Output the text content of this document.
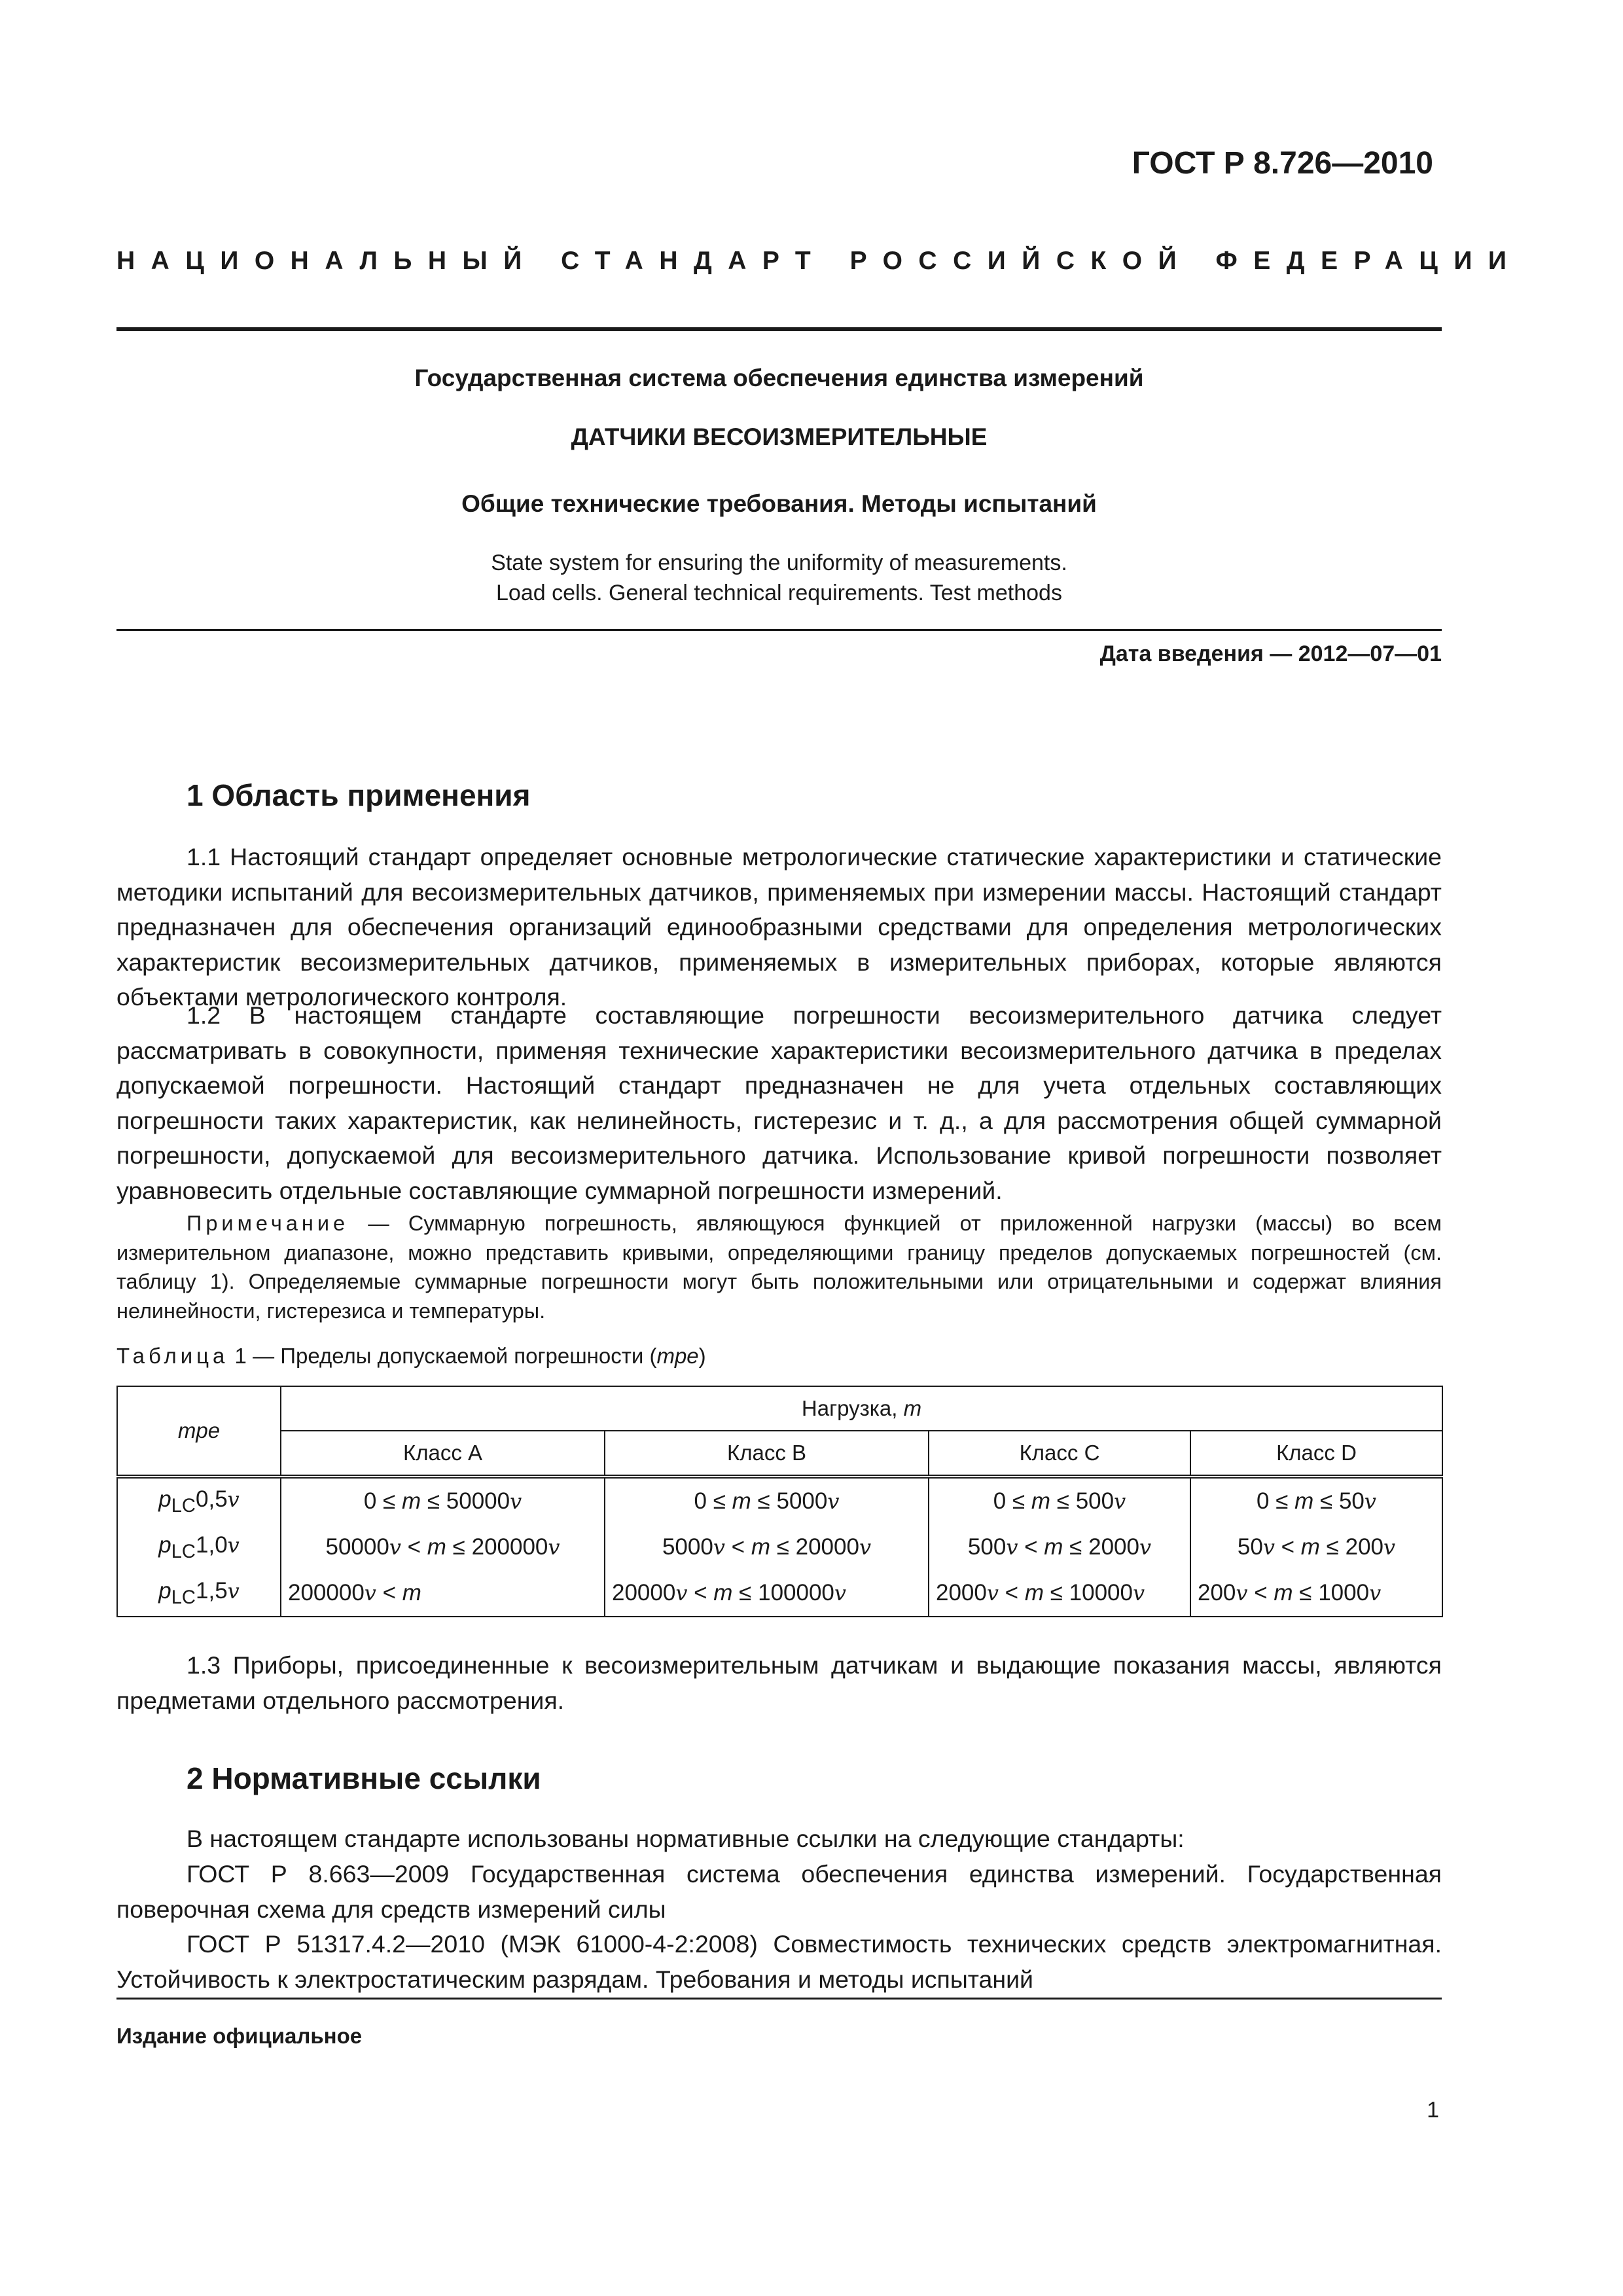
ГОСТ Р 8.726—2010
НАЦИОНАЛЬНЫЙ СТАНДАРТ РОССИЙСКОЙ ФЕДЕРАЦИИ
Государственная система обеспечения единства измерений
ДАТЧИКИ ВЕСОИЗМЕРИТЕЛЬНЫЕ
Общие технические требования. Методы испытаний
State system for ensuring the uniformity of measurements.
Load cells. General technical requirements. Test methods
Дата введения — 2012—07—01
1 Область применения
1.1 Настоящий стандарт определяет основные метрологические статические характеристики и статические методики испытаний для весоизмерительных датчиков, применяемых при измерении массы. Настоящий стандарт предназначен для обеспечения организаций единообразными средствами для определения метрологических характеристик весоизмерительных датчиков, применяемых в измерительных приборах, которые являются объектами метрологического контроля.
1.2 В настоящем стандарте составляющие погрешности весоизмерительного датчика следует рассматривать в совокупности, применяя технические характеристики весоизмерительного датчика в пределах допускаемой погрешности. Настоящий стандарт предназначен не для учета отдельных составляющих погрешности таких характеристик, как нелинейность, гистерезис и т. д., а для рассмотрения общей суммарной погрешности, допускаемой для весоизмерительного датчика. Использование кривой погрешности позволяет уравновесить отдельные составляющие суммарной погрешности измерений.
Примечание — Суммарную погрешность, являющуюся функцией от приложенной нагрузки (массы) во всем измерительном диапазоне, можно представить кривыми, определяющими границу пределов допускаемых погрешностей (см. таблицу 1). Определяемые суммарные погрешности могут быть положительными или отрицательными и содержат влияния нелинейности, гистерезиса и температуры.
Таблица 1 — Пределы допускаемой погрешности (mpe)
mpe	Нагрузка, m			
	Класс А	Класс В	Класс С	Класс D
$p_{LC}0,5v$	0 ≤ m ≤ 50000v	0 ≤ m ≤ 5000v	0 ≤ m ≤ 500v	0 ≤ m ≤ 50v
$p_{LC}1,0v$	50000v < m ≤ 200000v	5000v < m ≤ 20000v	500v < m ≤ 2000v	50v < m ≤ 200v
$p_{LC}1,5v$	200000v < m	20000v < m ≤ 100000v	2000v < m ≤ 10000v	200v < m ≤ 1000v
1.3 Приборы, присоединенные к весоизмерительным датчикам и выдающие показания массы, являются предметами отдельного рассмотрения.
2 Нормативные ссылки
В настоящем стандарте использованы нормативные ссылки на следующие стандарты:
ГОСТ Р 8.663—2009 Государственная система обеспечения единства измерений. Государственная поверочная схема для средств измерений силы
ГОСТ Р 51317.4.2—2010 (МЭК 61000-4-2:2008) Совместимость технических средств электромагнитная. Устойчивость к электростатическим разрядам. Требования и методы испытаний
Издание официальное
1
